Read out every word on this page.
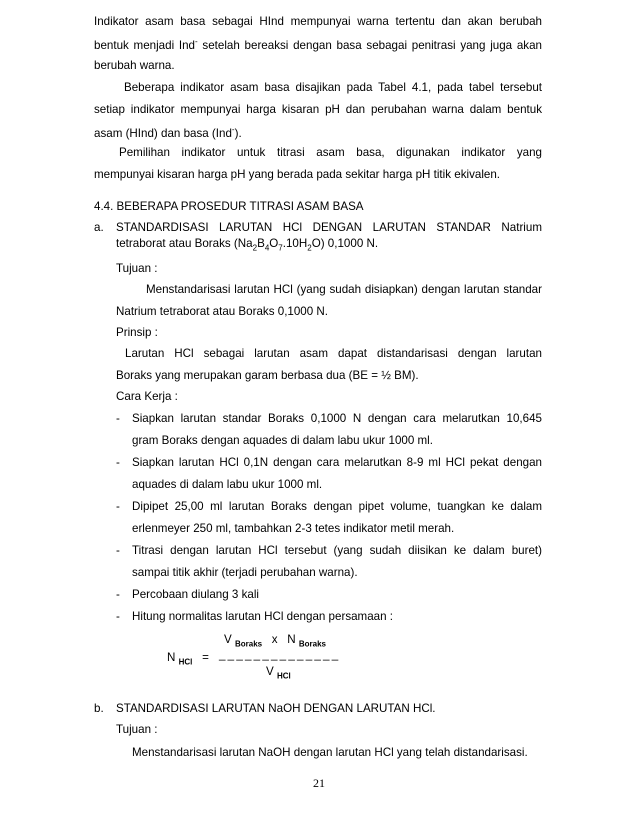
Indikator asam basa sebagai HInd mempunyai warna tertentu dan akan berubah
bentuk menjadi Ind- setelah bereaksi dengan basa sebagai penitrasi yang juga akan
berubah warna.
Beberapa indikator asam basa disajikan pada Tabel 4.1, pada tabel tersebut
setiap indikator mempunyai harga kisaran pH dan perubahan warna dalam bentuk
asam (HInd) dan basa (Ind-).
Pemilihan indikator untuk titrasi asam basa, digunakan indikator yang
mempunyai kisaran harga pH yang berada pada sekitar harga pH titik ekivalen.
4.4. BEBERAPA PROSEDUR TITRASI ASAM BASA
a. STANDARDISASI LARUTAN HCl DENGAN LARUTAN STANDAR Natrium
tetraborat atau Boraks $(Na_2B_4O_7.10H_2O)$ 0,1000 N.
Tujuan :
Menstandarisasi larutan HCl (yang sudah disiapkan) dengan larutan standar
Natrium tetraborat atau Boraks 0,1000 N.
Prinsip :
Larutan HCl sebagai larutan asam dapat distandarisasi dengan larutan
Boraks yang merupakan garam berbasa dua (BE = ½ BM).
Cara Kerja :
- Siapkan larutan standar Boraks 0,1000 N dengan cara melarutkan 10,645
gram Boraks dengan aquades di dalam labu ukur 1000 ml.
- Siapkan larutan HCl 0,1N dengan cara melarutkan 8-9 ml HCl pekat dengan
aquades di dalam labu ukur 1000 ml.
- Dipipet 25,00 ml larutan Boraks dengan pipet volume, tuangkan ke dalam
erlenmeyer 250 ml, tambahkan 2-3 tetes indikator metil merah.
- Titrasi dengan larutan HCl tersebut (yang sudah diisikan ke dalam buret)
sampai titik akhir (terjadi perubahan warna).
- Percobaan diulang 3 kali
- Hitung normalitas larutan HCl dengan persamaan :
V $_{Boraks}$ x N $_{Boraks}$
N $_{HCl}$ = _ _ _ _ _ _ _ _ _ _ _ _ _ _
V $_{HCl}$
b. STANDARDISASI LARUTAN NaOH DENGAN LARUTAN HCl.
Tujuan :
Menstandarisasi larutan NaOH dengan larutan HCl yang telah distandarisasi.
21
